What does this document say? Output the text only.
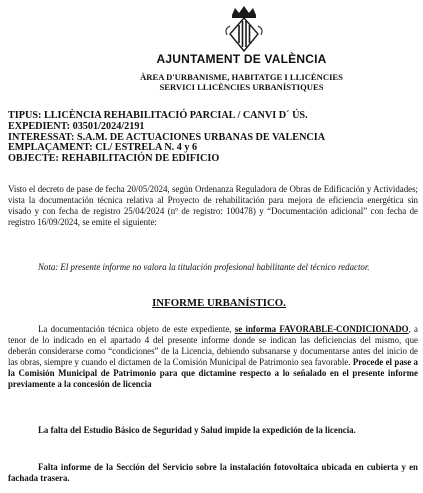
AJUNTAMENT DE VALÈNCIA
ÀREA D'URBANISME, HABITATGE I LLICÈNCIES
SERVICI LLICÈNCIES URBANÍSTIQUES
TIPUS: LLICÈNCIA REHABILITACIÓ PARCIAL / CANVI D´ ÚS.
EXPEDIENT: 03501/2024/2191
INTERESSAT: S.A.M. DE ACTUACIONES URBANAS DE VALENCIA
EMPLAÇAMENT: CL/ ESTRELA N. 4 y 6
OBJECTE: REHABILITACIÓN DE EDIFICIO
Visto el decreto de pase de fecha 20/05/2024, según Ordenanza Reguladora de Obras de Edificación y Actividades; vista la documentación técnica relativa al Proyecto de rehabilitación para mejora de eficiencia energética sin visado y con fecha de registro 25/04/2024 (nº de registro: 100478) y “Documentación adicional” con fecha de registro 16/09/2024, se emite el siguiente:
Nota: El presente informe no valora la titulación profesional habilitante del técnico redactor.
INFORME URBANÍSTICO.
La documentación técnica objeto de este expediente, se informa FAVORABLE-CONDICIONADO, a tenor de lo indicado en el apartado 4 del presente informe donde se indican las deficiencias del mismo, que deberán considerarse como “condiciones” de la Licencia, debiendo subsanarse y documentarse antes del inicio de las obras, siempre y cuando el dictamen de la Comisión Municipal de Patrimonio sea favorable. Procede el pase a la Comisión Municipal de Patrimonio para que dictamine respecto a lo señalado en el presente informe previamente a la concesión de licencia
La falta del Estudio Básico de Seguridad y Salud impide la expedición de la licencia.
Falta informe de la Sección del Servicio sobre la instalación fotovoltaica ubicada en cubierta y en fachada trasera.
